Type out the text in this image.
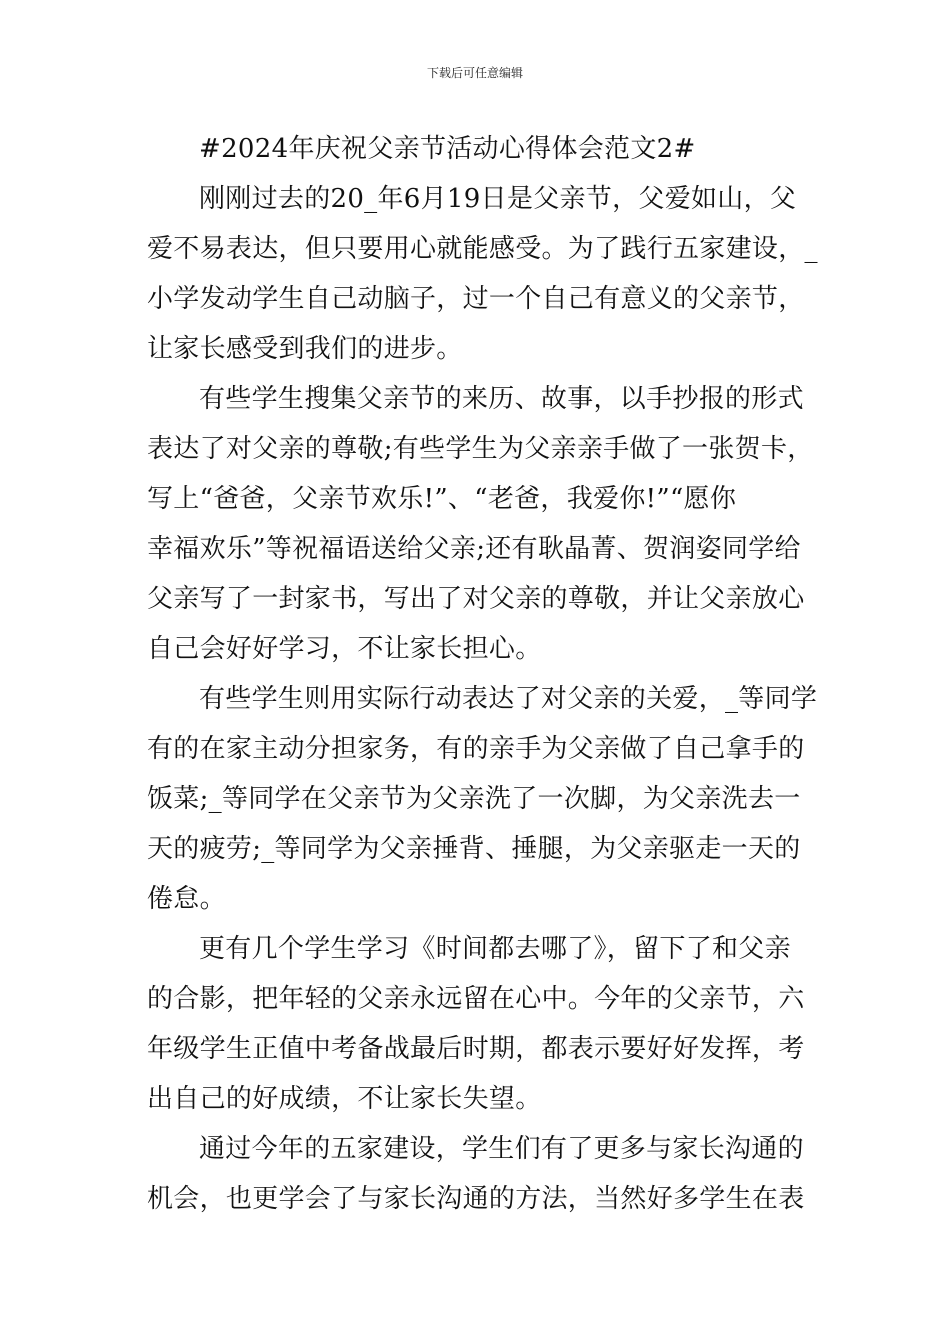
下载后可任意编辑
#2024年庆祝父亲节活动心得体会范文2#
刚刚过去的20_年6月19日是父亲节，父爱如山，父
爱不易表达，但只要用心就能感受。为了践行五家建设，_
小学发动学生自己动脑子，过一个自己有意义的父亲节，
让家长感受到我们的进步。
有些学生搜集父亲节的来历、故事，以手抄报的形式
表达了对父亲的尊敬;有些学生为父亲亲手做了一张贺卡，
写上“爸爸，父亲节欢乐!”、“老爸，我爱你!”“愿你
幸福欢乐”等祝福语送给父亲;还有耿晶菁、贺润姿同学给
父亲写了一封家书，写出了对父亲的尊敬，并让父亲放心
自己会好好学习，不让家长担心。
有些学生则用实际行动表达了对父亲的关爱，_等同学
有的在家主动分担家务，有的亲手为父亲做了自己拿手的
饭菜;_等同学在父亲节为父亲洗了一次脚，为父亲洗去一
天的疲劳;_等同学为父亲捶背、捶腿，为父亲驱走一天的
倦怠。
更有几个学生学习《时间都去哪了》，留下了和父亲
的合影，把年轻的父亲永远留在心中。今年的父亲节，六
年级学生正值中考备战最后时期，都表示要好好发挥，考
出自己的好成绩，不让家长失望。
通过今年的五家建设，学生们有了更多与家长沟通的
机会，也更学会了与家长沟通的方法，当然好多学生在表
